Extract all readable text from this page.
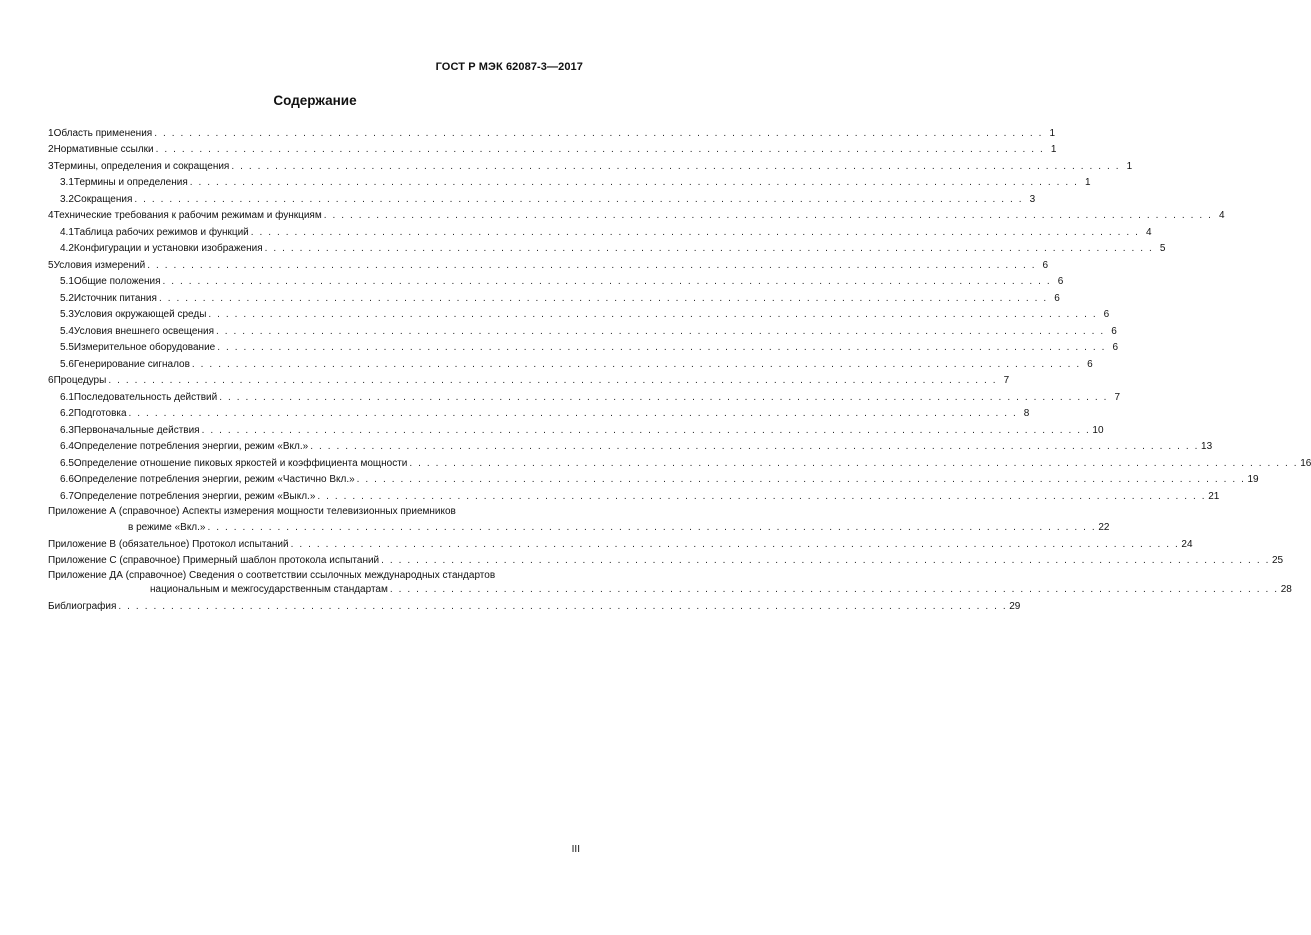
ГОСТ Р МЭК 62087-3—2017
Содержание
1 Область применения . . . . . . . . . . . . . . . . . . . . . . . . . . . . . . . . . . . . . . . . . . . . . . . . . . . . . . . . . . . . . . . . . . . . . . . . . . . . . . . . . . . . . . . . . . . . . . . . . . . . . . 1
2 Нормативные ссылки . . . . . . . . . . . . . . . . . . . . . . . . . . . . . . . . . . . . . . . . . . . . . . . . . . . . . . . . . . . . . . . . . . . . . . . . . . . . . . . . . . . . . . . . . . . . . . . . . . . . . . 1
3 Термины, определения и сокращения . . . . . . . . . . . . . . . . . . . . . . . . . . . . . . . . . . . . . . . . . . . . . . . . . . . . . . . . . . . . . . . . . . . . . . . . . . . . . . . . . . . . . . . . . . . . . . . . . . . . . . 1
3.1 Термины и определения . . . . . . . . . . . . . . . . . . . . . . . . . . . . . . . . . . . . . . . . . . . . . . . . . . . . . . . . . . . . . . . . . . . . . . . . . . . . . . . . . . . . . . . . . . . . . . . . . . . . . . 1
3.2 Сокращения . . . . . . . . . . . . . . . . . . . . . . . . . . . . . . . . . . . . . . . . . . . . . . . . . . . . . . . . . . . . . . . . . . . . . . . . . . . . . . . . . . . . . . . . . . . . . . . . . . . . . . 3
4 Технические требования к рабочим режимам и функциям . . . . . . . . . . . . . . . . . . . . . . . . . . . . . . . . . . . . . . . . . . . . . . . . . . . . . . . . . . . . . . . . . . . . . . . . . . . . . . . . . . . . . . . . . . . . . . . . . . . . . . 4
4.1 Таблица рабочих режимов и функций . . . . . . . . . . . . . . . . . . . . . . . . . . . . . . . . . . . . . . . . . . . . . . . . . . . . . . . . . . . . . . . . . . . . . . . . . . . . . . . . . . . . . . . . . . . . . . . . . . . . . . 4
4.2 Конфигурации и установки изображения . . . . . . . . . . . . . . . . . . . . . . . . . . . . . . . . . . . . . . . . . . . . . . . . . . . . . . . . . . . . . . . . . . . . . . . . . . . . . . . . . . . . . . . . . . . . . . . . . . . . . . 5
5 Условия измерений . . . . . . . . . . . . . . . . . . . . . . . . . . . . . . . . . . . . . . . . . . . . . . . . . . . . . . . . . . . . . . . . . . . . . . . . . . . . . . . . . . . . . . . . . . . . . . . . . . . . . . 6
5.1 Общие положения . . . . . . . . . . . . . . . . . . . . . . . . . . . . . . . . . . . . . . . . . . . . . . . . . . . . . . . . . . . . . . . . . . . . . . . . . . . . . . . . . . . . . . . . . . . . . . . . . . . . . . 6
5.2 Источник питания . . . . . . . . . . . . . . . . . . . . . . . . . . . . . . . . . . . . . . . . . . . . . . . . . . . . . . . . . . . . . . . . . . . . . . . . . . . . . . . . . . . . . . . . . . . . . . . . . . . . . . 6
5.3 Условия окружающей среды . . . . . . . . . . . . . . . . . . . . . . . . . . . . . . . . . . . . . . . . . . . . . . . . . . . . . . . . . . . . . . . . . . . . . . . . . . . . . . . . . . . . . . . . . . . . . . . . . . . . . . 6
5.4 Условия внешнего освещения . . . . . . . . . . . . . . . . . . . . . . . . . . . . . . . . . . . . . . . . . . . . . . . . . . . . . . . . . . . . . . . . . . . . . . . . . . . . . . . . . . . . . . . . . . . . . . . . . . . . . . 6
5.5 Измерительное оборудование . . . . . . . . . . . . . . . . . . . . . . . . . . . . . . . . . . . . . . . . . . . . . . . . . . . . . . . . . . . . . . . . . . . . . . . . . . . . . . . . . . . . . . . . . . . . . . . . . . . . . . 6
5.6 Генерирование сигналов . . . . . . . . . . . . . . . . . . . . . . . . . . . . . . . . . . . . . . . . . . . . . . . . . . . . . . . . . . . . . . . . . . . . . . . . . . . . . . . . . . . . . . . . . . . . . . . . . . . . . . 6
6 Процедуры . . . . . . . . . . . . . . . . . . . . . . . . . . . . . . . . . . . . . . . . . . . . . . . . . . . . . . . . . . . . . . . . . . . . . . . . . . . . . . . . . . . . . . . . . . . . . . . . . . . . . . 7
6.1 Последовательность действий . . . . . . . . . . . . . . . . . . . . . . . . . . . . . . . . . . . . . . . . . . . . . . . . . . . . . . . . . . . . . . . . . . . . . . . . . . . . . . . . . . . . . . . . . . . . . . . . . . . . . . 7
6.2 Подготовка . . . . . . . . . . . . . . . . . . . . . . . . . . . . . . . . . . . . . . . . . . . . . . . . . . . . . . . . . . . . . . . . . . . . . . . . . . . . . . . . . . . . . . . . . . . . . . . . . . . . . . 8
6.3 Первоначальные действия . . . . . . . . . . . . . . . . . . . . . . . . . . . . . . . . . . . . . . . . . . . . . . . . . . . . . . . . . . . . . . . . . . . . . . . . . . . . . . . . . . . . . . . . . . . . . . . . . . . . . . 10
6.4 Определение потребления энергии, режим «Вкл.» . . . . . . . . . . . . . . . . . . . . . . . . . . . . . . . . . . . . . . . . . . . . . . . . . . . . . . . . . . . . . . . . . . . . . . . . . . . . . . . . . . . . . . . . . . . . . . . . . . . . . . 13
6.5 Определение отношение пиковых яркостей и коэффициента мощности . . . . . . . . . . . . . . . . . . . . . . . . . . . . . . . . . . . . . . . . . . . . . . . . . . . . . . . . . . . . . . . . . . . . . . . . . . . . . . . . . . . . . . . . . . . . . . . . . . . . . . 16
6.6 Определение потребления энергии, режим «Частично Вкл.» . . . . . . . . . . . . . . . . . . . . . . . . . . . . . . . . . . . . . . . . . . . . . . . . . . . . . . . . . . . . . . . . . . . . . . . . . . . . . . . . . . . . . . . . . . . . . . . . . . . . . . 19
6.7 Определение потребления энергии, режим «Выкл.» . . . . . . . . . . . . . . . . . . . . . . . . . . . . . . . . . . . . . . . . . . . . . . . . . . . . . . . . . . . . . . . . . . . . . . . . . . . . . . . . . . . . . . . . . . . . . . . . . . . . . . 21
Приложение А (справочное) Аспекты измерения мощности телевизионных приемников
в режиме «Вкл.» . . . . . . . . . . . . . . . . . . . . . . . . . . . . . . . . . . . . . . . . . . . . . . . . . . . . . . . . . . . . . . . . . . . . . . . . . . . . . . . . . . . . . . . . . . . . . . . . . . . . . . 22
Приложение В (обязательное) Протокол испытаний . . . . . . . . . . . . . . . . . . . . . . . . . . . . . . . . . . . . . . . . . . . . . . . . . . . . . . . . . . . . . . . . . . . . . . . . . . . . . . . . . . . . . . . . . . . . . . . . . . . . . . 24
Приложение С (справочное) Примерный шаблон протокола испытаний . . . . . . . . . . . . . . . . . . . . . . . . . . . . . . . . . . . . . . . . . . . . . . . . . . . . . . . . . . . . . . . . . . . . . . . . . . . . . . . . . . . . . . . . . . . . . . . . . . . . . . 25
Приложение ДА (справочное) Сведения о соответствии ссылочных международных стандартов
национальным и межгосударственным стандартам . . . . . . . . . . . . . . . . . . . . . . . . . . . . . . . . . . . . . . . . . . . . . . . . . . . . . . . . . . . . . . . . . . . . . . . . . . . . . . . . . . . . . . . . . . . . . . . . . . . . . . 28
Библиография . . . . . . . . . . . . . . . . . . . . . . . . . . . . . . . . . . . . . . . . . . . . . . . . . . . . . . . . . . . . . . . . . . . . . . . . . . . . . . . . . . . . . . . . . . . . . . . . . . . . . . 29
III
